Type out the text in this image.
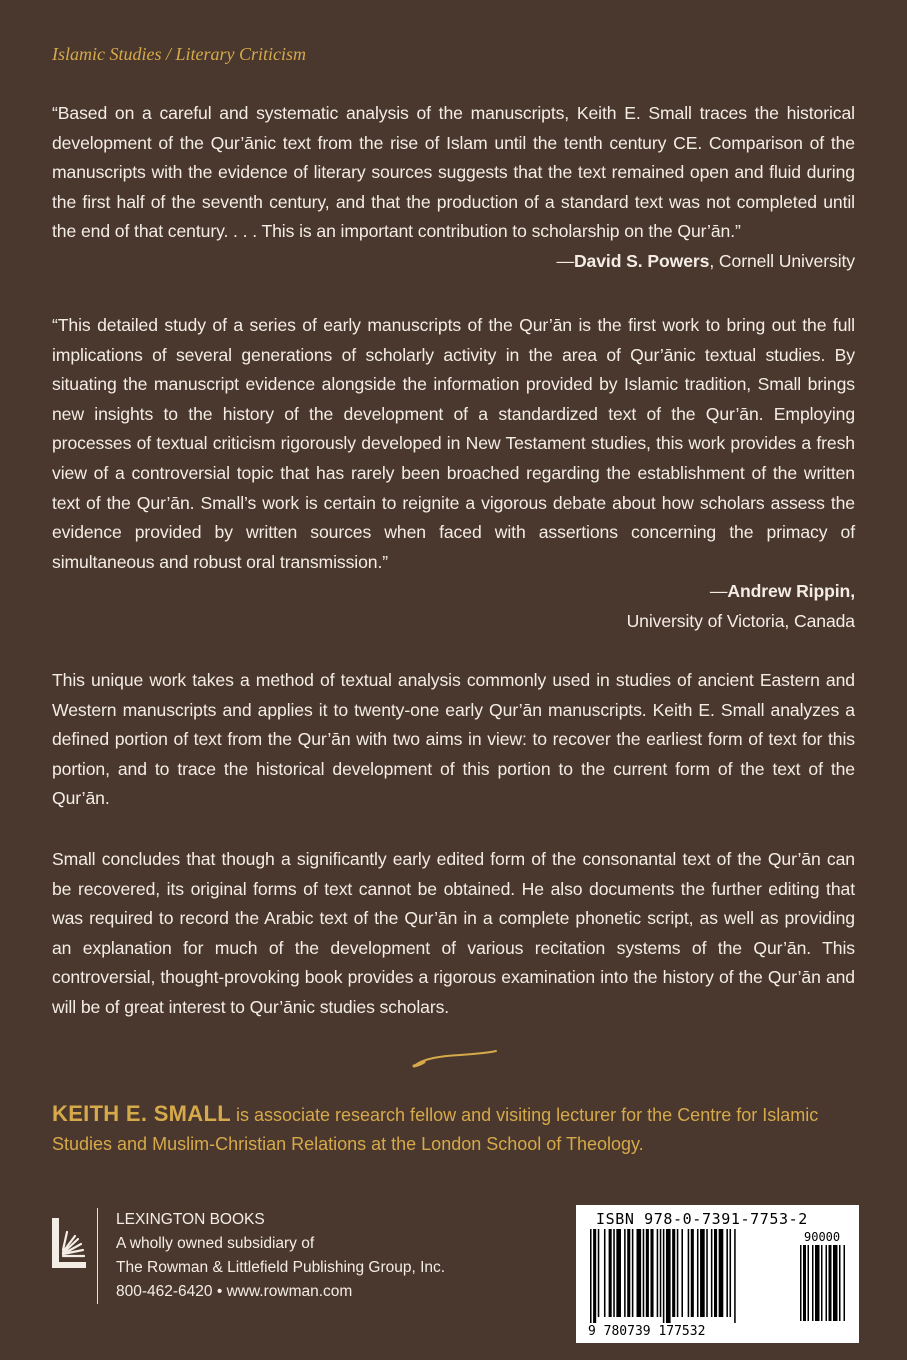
Islamic Studies / Literary Criticism

“Based on a careful and systematic analysis of the manuscripts, Keith E. Small traces the historical development of the Qur’ānic text from the rise of Islam until the tenth century CE. Comparison of the manuscripts with the evidence of literary sources suggests that the text remained open and fluid during the first half of the seventh century, and that the production of a standard text was not completed until the end of that century. . . . This is an important contribution to scholarship on the Qur’ān.”
—David S. Powers, Cornell University

“This detailed study of a series of early manuscripts of the Qur’ān is the first work to bring out the full implications of several generations of scholarly activity in the area of Qur’ānic textual studies. By situating the manuscript evidence alongside the information provided by Islamic tradition, Small brings new insights to the history of the development of a standardized text of the Qur’ān. Employing processes of textual criticism rigorously developed in New Testament studies, this work provides a fresh view of a controversial topic that has rarely been broached regarding the establishment of the written text of the Qur’ān. Small’s work is certain to reignite a vigorous debate about how scholars assess the evidence provided by written sources when faced with assertions concerning the primacy of simultaneous and robust oral transmission.”

—Andrew Rippin,
University of Victoria, Canada
This unique work takes a method of textual analysis commonly used in studies of ancient Eastern and Western manuscripts and applies it to twenty-one early Qur’ān manuscripts. Keith E. Small analyzes a defined portion of text from the Qur’ān with two aims in view: to recover the earliest form of text for this portion, and to trace the historical development of this portion to the current form of the text of the Qur’ān.
Small concludes that though a significantly early edited form of the consonantal text of the Qur’ān can be recovered, its original forms of text cannot be obtained. He also documents the further editing that was required to record the Arabic text of the Qur’ān in a complete phonetic script, as well as providing an explanation for much of the development of various recitation systems of the Qur’ān. This controversial, thought-provoking book provides a rigorous examination into the history of the Qur’ān and will be of great interest to Qur’ānic studies scholars.
KEITH E. SMALL is associate research fellow and visiting lecturer for the Centre for Islamic Studies and Muslim-Christian Relations at the London School of Theology.
LEXINGTON BOOKS
A wholly owned subsidiary of
The Rowman & Littlefield Publishing Group, Inc.
800-462-6420 • www.rowman.com
ISBN 978-0-7391-7753-2
90000
9 780739 177532
